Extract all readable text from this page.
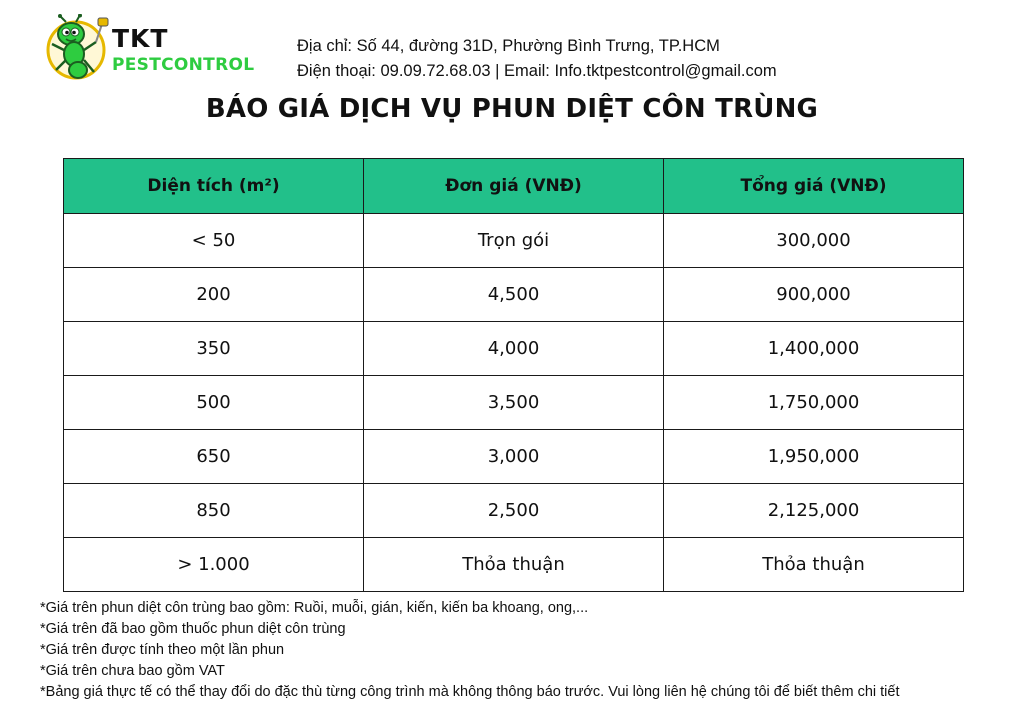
TKT
PESTCONTROL
Địa chỉ: Số 44, đường 31D, Phường Bình Trưng, TP.HCM
Điện thoại: 09.09.72.68.03 | Email: Info.tktpestcontrol@gmail.com
BÁO GIÁ DỊCH VỤ PHUN DIỆT CÔN TRÙNG
Diện tích (m²)	Đơn giá (VNĐ)	Tổng giá (VNĐ)
< 50	Trọn gói	300,000
200	4,500	900,000
350	4,000	1,400,000
500	3,500	1,750,000
650	3,000	1,950,000
850	2,500	2,125,000
> 1.000	Thỏa thuận	Thỏa thuận
*Giá trên phun diệt côn trùng bao gồm: Ruồi, muỗi, gián, kiến, kiến ba khoang, ong,...
*Giá trên đã bao gồm thuốc phun diệt côn trùng
*Giá trên được tính theo một lần phun
*Giá trên chưa bao gồm VAT
*Bảng giá thực tế có thể thay đổi do đặc thù từng công trình mà không thông báo trước. Vui lòng liên hệ chúng tôi để biết thêm chi tiết
